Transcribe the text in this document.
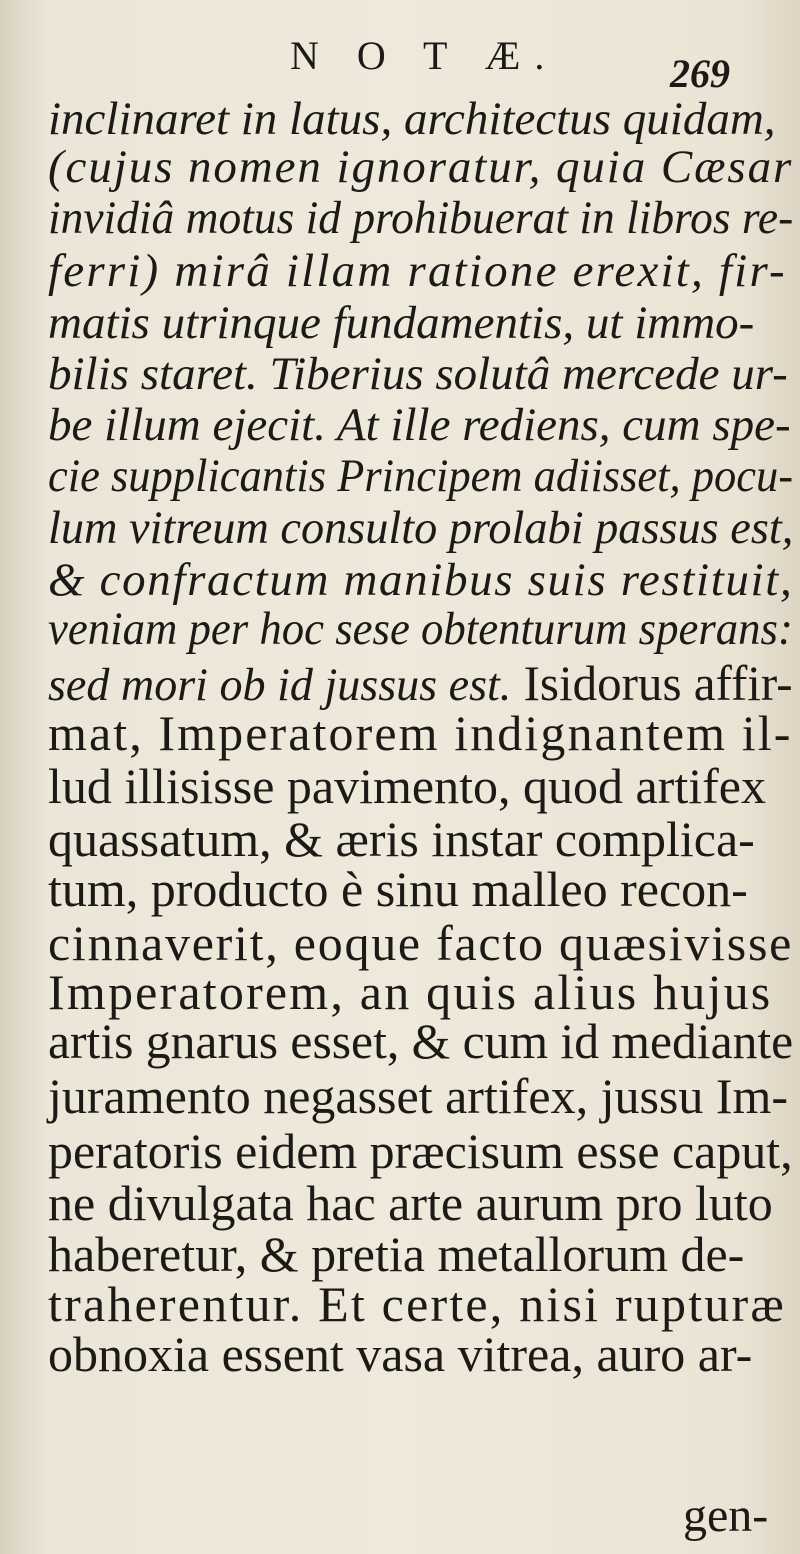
N O T Æ.	269
inclinaret in latus, architectus quidam,
(cujus nomen ignoratur, quia Cæsar
invidiâ motus id prohibuerat in libros re-
ferri) mirâ illam ratione erexit, fir-
matis utrinque fundamentis, ut immo-
bilis staret. Tiberius solutâ mercede ur-
be illum ejecit. At ille rediens, cum spe-
cie supplicantis Principem adiisset, pocu-
lum vitreum consulto prolabi passus est,
& confractum manibus suis restituit,
veniam per hoc sese obtenturum sperans:
sed mori ob id jussus est. Isidorus affir-
mat, Imperatorem indignantem il-
lud illisisse pavimento, quod artifex
quassatum, & æris instar complica-
tum, producto è sinu malleo recon-
cinnaverit, eoque facto quæsivisse
Imperatorem, an quis alius hujus
artis gnarus esset, & cum id mediante
juramento negasset artifex, jussu Im-
peratoris eidem præcisum esse caput,
ne divulgata hac arte aurum pro luto
haberetur, & pretia metallorum de-
traherentur. Et certe, nisi rupturæ
obnoxia essent vasa vitrea, auro ar-
gen-
